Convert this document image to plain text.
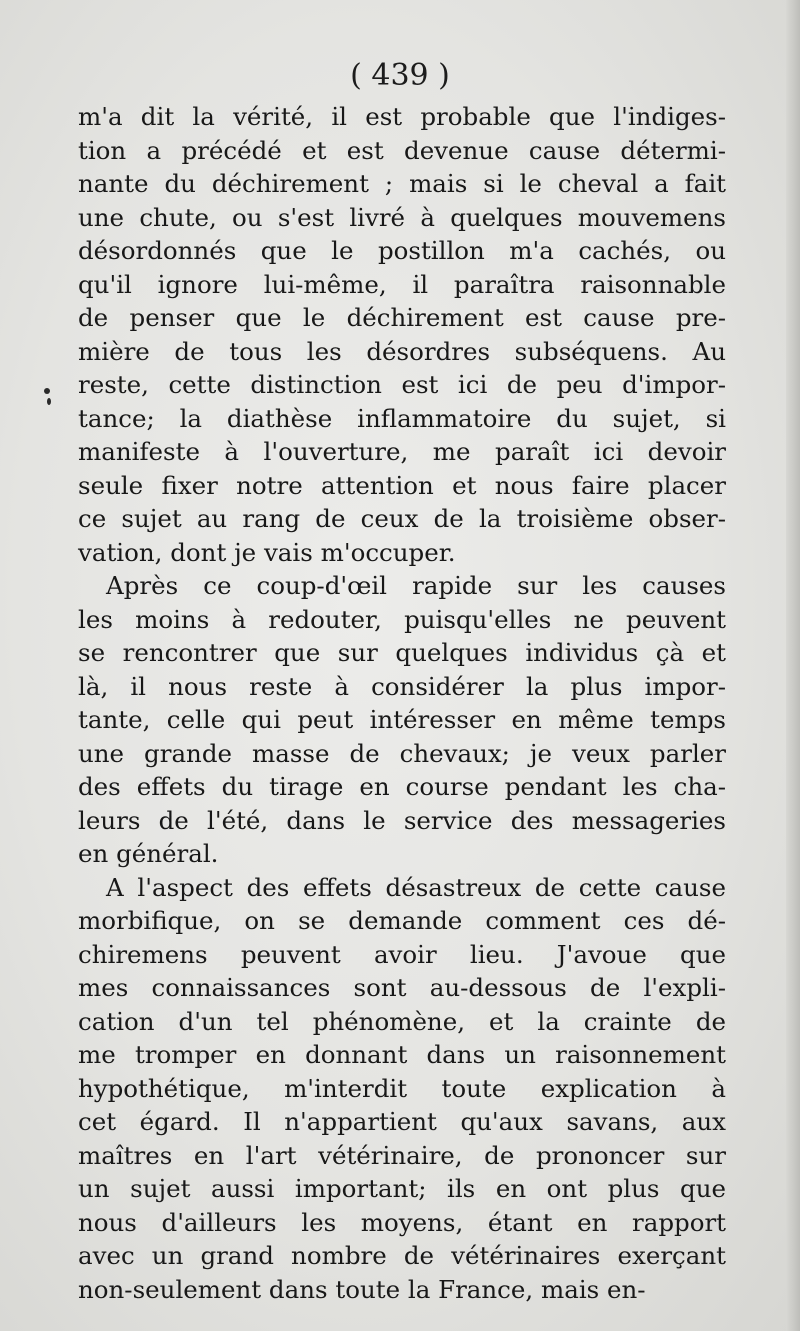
( 439 )
m'a dit la vérité, il est probable que l'indiges-
tion a précédé et est devenue cause détermi-
nante du déchirement ; mais si le cheval a fait
une chute, ou s'est livré à quelques mouvemens
désordonnés que le postillon m'a cachés, ou
qu'il ignore lui-même, il paraîtra raisonnable
de penser que le déchirement est cause pre-
mière de tous les désordres subséquens. Au
reste, cette distinction est ici de peu d'impor-
tance; la diathèse inflammatoire du sujet, si
manifeste à l'ouverture, me paraît ici devoir
seule fixer notre attention et nous faire placer
ce sujet au rang de ceux de la troisième obser-
vation, dont je vais m'occuper.
Après ce coup-d'œil rapide sur les causes
les moins à redouter, puisqu'elles ne peuvent
se rencontrer que sur quelques individus çà et
là, il nous reste à considérer la plus impor-
tante, celle qui peut intéresser en même temps
une grande masse de chevaux; je veux parler
des effets du tirage en course pendant les cha-
leurs de l'été, dans le service des messageries
en général.
A l'aspect des effets désastreux de cette cause
morbifique, on se demande comment ces dé-
chiremens peuvent avoir lieu. J'avoue que
mes connaissances sont au-dessous de l'expli-
cation d'un tel phénomène, et la crainte de
me tromper en donnant dans un raisonnement
hypothétique, m'interdit toute explication à
cet égard. Il n'appartient qu'aux savans, aux
maîtres en l'art vétérinaire, de prononcer sur
un sujet aussi important; ils en ont plus que
nous d'ailleurs les moyens, étant en rapport
avec un grand nombre de vétérinaires exerçant
non-seulement dans toute la France, mais en-
